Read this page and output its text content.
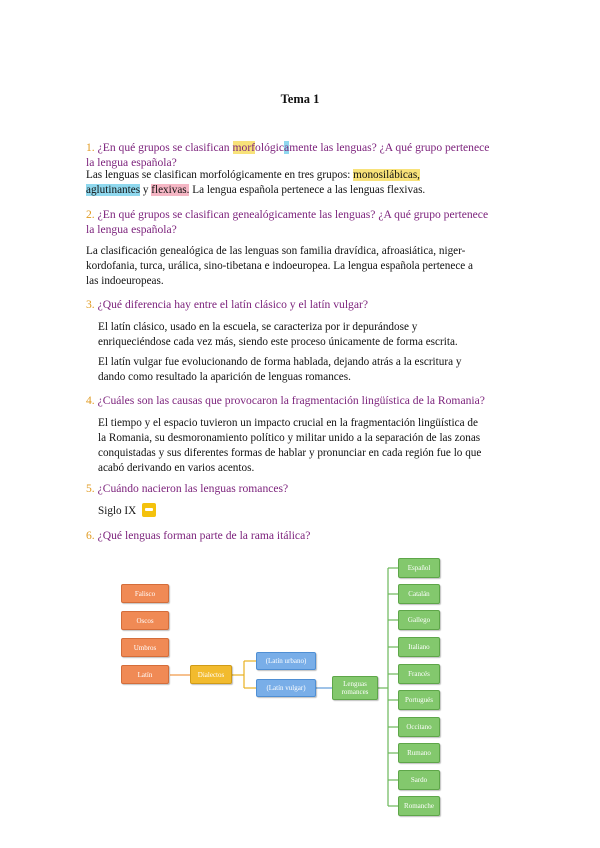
Tema 1
1. ¿En qué grupos se clasifican morfológicamente las lenguas? ¿A qué grupo pertenece
la lengua española?
Las lenguas se clasifican morfológicamente en tres grupos: monosilábicas,
aglutinantes y flexivas. La lengua española pertenece a las lenguas flexivas.
2. ¿En qué grupos se clasifican genealógicamente las lenguas? ¿A qué grupo pertenece
la lengua española?
La clasificación genealógica de las lenguas son familia dravídica, afroasiática, niger-
kordofania, turca, urálica, sino-tibetana e indoeuropea. La lengua española pertenece a
las indoeuropeas.
3. ¿Qué diferencia hay entre el latín clásico y el latín vulgar?
El latín clásico, usado en la escuela, se caracteriza por ir depurándose y
enriqueciéndose cada vez más, siendo este proceso únicamente de forma escrita.
El latín vulgar fue evolucionando de forma hablada, dejando atrás a la escritura y
dando como resultado la aparición de lenguas romances.
4. ¿Cuáles son las causas que provocaron la fragmentación lingüística de la Romania?
El tiempo y el espacio tuvieron un impacto crucial en la fragmentación lingüística de
la Romania, su desmoronamiento político y militar unido a la separación de las zonas
conquistadas y sus diferentes formas de hablar y pronunciar en cada región fue lo que
acabó derivando en varios acentos.
5. ¿Cuándo nacieron las lenguas romances?
Siglo IX
6. ¿Qué lenguas forman parte de la rama itálica?
Falisco
Oscos
Umbros
Latín	Dialectos
(Latín urbano)
(Latín vulgar)	Lenguas romances
Español
Catalán
Gallego
Italiano
Francés
Portugués
Occitano
Rumano
Sardo
Romanche
